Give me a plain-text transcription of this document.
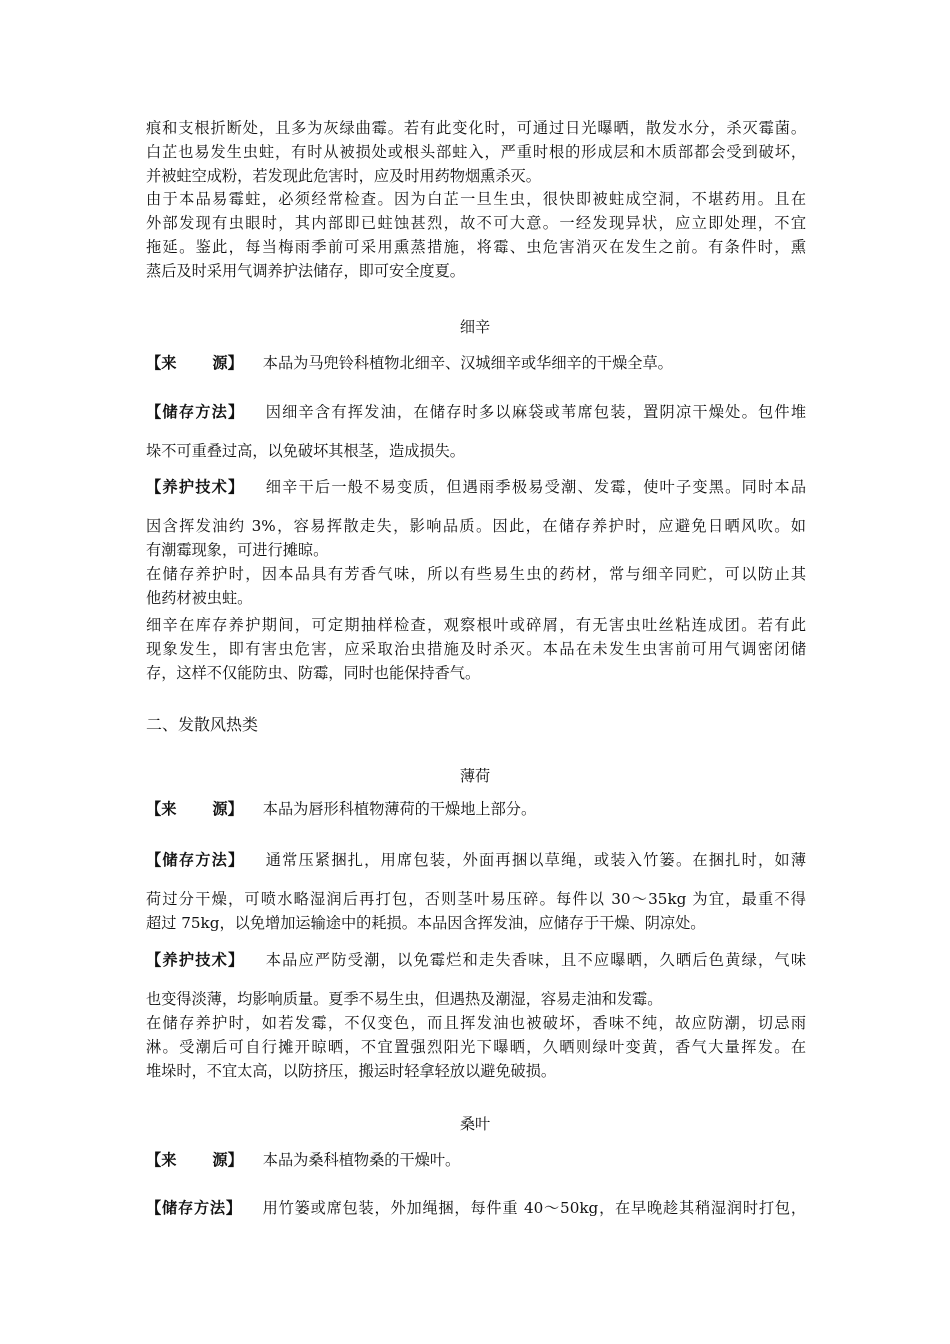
痕和支根折断处，且多为灰绿曲霉。若有此变化时，可通过日光曝晒，散发水分，杀灭霉菌。
白芷也易发生虫蛀，有时从被损处或根头部蛀入，严重时根的形成层和木质部都会受到破坏，
并被蛀空成粉，若发现此危害时，应及时用药物烟熏杀灭。
由于本品易霉蛀，必须经常检查。因为白芷一旦生虫，很快即被蛀成空洞，不堪药用。且在
外部发现有虫眼时，其内部即已蛀蚀甚烈，故不可大意。一经发现异状，应立即处理，不宜
拖延。鉴此，每当梅雨季前可采用熏蒸措施，将霉、虫危害消灭在发生之前。有条件时，熏
蒸后及时采用气调养护法储存，即可安全度夏。
细辛
【来 源】 本品为马兜铃科植物北细辛、汉城细辛或华细辛的干燥全草。
【储存方法】 因细辛含有挥发油，在储存时多以麻袋或苇席包装，置阴凉干燥处。包件堆
垛不可重叠过高，以免破坏其根茎，造成损失。
【养护技术】 细辛干后一般不易变质，但遇雨季极易受潮、发霉，使叶子变黑。同时本品
因含挥发油约 3%，容易挥散走失，影响品质。因此，在储存养护时，应避免日晒风吹。如
有潮霉现象，可进行摊晾。
在储存养护时，因本品具有芳香气味，所以有些易生虫的药材，常与细辛同贮，可以防止其
他药材被虫蛀。
细辛在库存养护期间，可定期抽样检查，观察根叶或碎屑，有无害虫吐丝粘连成团。若有此
现象发生，即有害虫危害，应采取治虫措施及时杀灭。本品在未发生虫害前可用气调密闭储
存，这样不仅能防虫、防霉，同时也能保持香气。
二、发散风热类
薄荷
【来 源】 本品为唇形科植物薄荷的干燥地上部分。
【储存方法】 通常压紧捆扎，用席包装，外面再捆以草绳，或装入竹篓。在捆扎时，如薄
荷过分干燥，可喷水略湿润后再打包，否则茎叶易压碎。每件以 30～35kg 为宜，最重不得
超过 75kg，以免增加运输途中的耗损。本品因含挥发油，应储存于干燥、阴凉处。
【养护技术】 本品应严防受潮，以免霉烂和走失香味，且不应曝晒，久晒后色黄绿，气味
也变得淡薄，均影响质量。夏季不易生虫，但遇热及潮湿，容易走油和发霉。
在储存养护时，如若发霉，不仅变色，而且挥发油也被破坏，香味不纯，故应防潮，切忌雨
淋。受潮后可自行摊开晾晒，不宜置强烈阳光下曝晒，久晒则绿叶变黄，香气大量挥发。在
堆垛时，不宜太高，以防挤压，搬运时轻拿轻放以避免破损。
桑叶
【来 源】 本品为桑科植物桑的干燥叶。
【储存方法】 用竹篓或席包装，外加绳捆，每件重 40～50kg，在早晚趁其稍湿润时打包，
